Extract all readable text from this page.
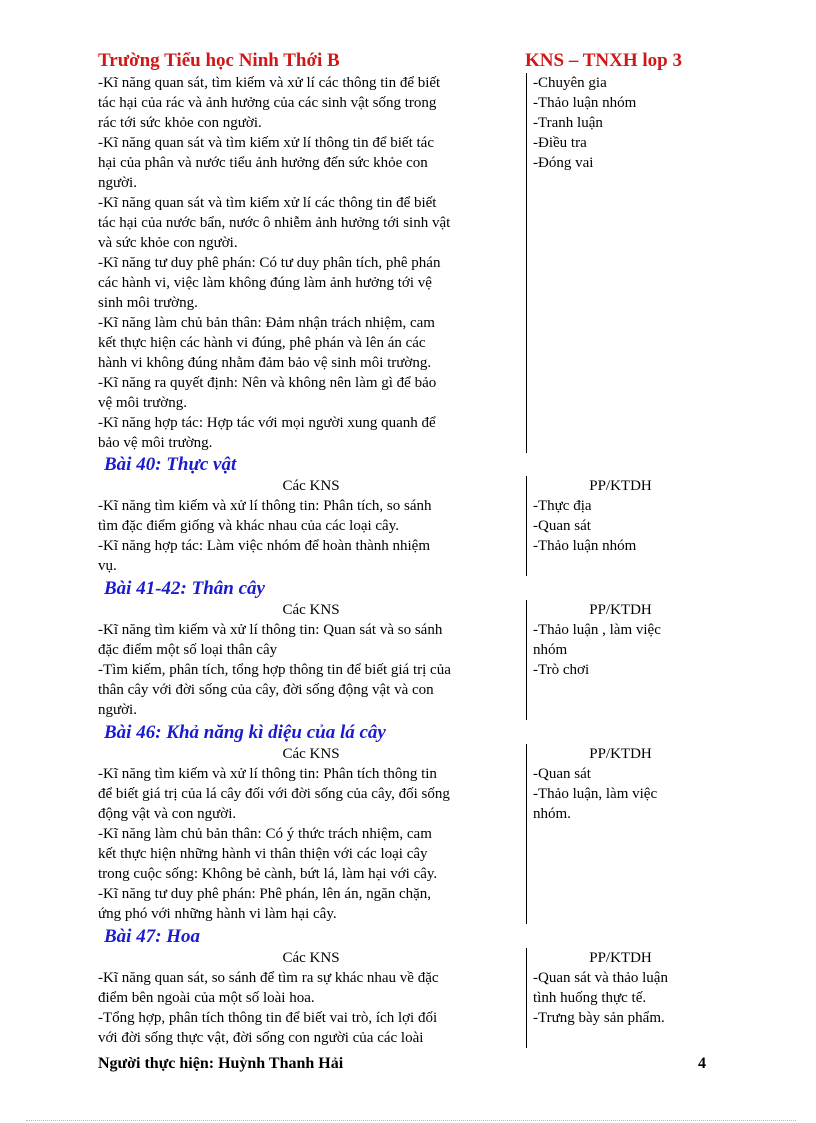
Trường Tiểu học Ninh Thới B	KNS – TNXH lop 3
-Kĩ năng quan sát, tìm kiếm và xử lí các thông tin để biết
tác hại của rác và ảnh hưởng của các sinh vật sống trong
rác tới sức khỏe con người.
-Kĩ năng quan sát và tìm kiếm xử lí thông tin để biết tác
hại của phân và nước tiểu ảnh hưởng đến sức khỏe con
người.
-Kĩ năng quan sát và tìm kiếm xử lí các thông tin để biết
tác hại của nước bẩn, nước ô nhiễm ảnh hưởng tới sinh vật
và sức khỏe con người.
-Kĩ năng tư duy phê phán: Có tư duy phân tích, phê phán
các hành vi, việc làm không đúng làm ảnh hưởng tới vệ
sinh môi trường.
-Kĩ năng làm chủ bản thân: Đảm nhận trách nhiệm, cam
kết thực hiện các hành vi đúng, phê phán và lên án các
hành vi không đúng nhằm đảm bảo vệ sinh môi trường.
-Kĩ năng ra quyết định: Nên và không nên làm gì để bảo
vệ môi trường.
-Kĩ năng hợp tác: Hợp tác với mọi người xung quanh để
bảo vệ môi trường.
-Chuyên gia
-Thảo luận nhóm
-Tranh luận
-Điều tra
-Đóng vai
Bài 40: Thực vật
Các KNS
-Kĩ năng tìm kiếm và xử lí thông tin: Phân tích, so sánh
tìm đặc điểm giống và khác nhau của các loại cây.
-Kĩ năng hợp tác: Làm việc nhóm để hoàn thành nhiệm
vụ.
PP/KTDH
-Thực địa
-Quan sát
-Thảo luận nhóm
Bài 41-42: Thân cây
Các KNS
-Kĩ năng tìm kiếm và xử lí thông tin: Quan sát và so sánh
đặc điểm một số loại thân cây
-Tìm kiếm, phân tích, tổng hợp thông tin để biết giá trị của
thân cây với đời sống của cây, đời sống động vật và con
người.
PP/KTDH
-Thảo luận , làm việc
nhóm
-Trò chơi
Bài 46: Khả năng kì diệu của lá cây
Các KNS
-Kĩ năng tìm kiếm và xử lí thông tin: Phân tích thông tin
để biết giá trị của lá cây đối với đời sống của cây, đối sống
động vật và con người.
-Kĩ năng làm chủ bản thân: Có ý thức trách nhiệm, cam
kết thực hiện những hành vi thân thiện với các loại cây
trong cuộc sống: Không bẻ cành, bứt lá, làm hại với cây.
-Kĩ năng tư duy phê phán: Phê phán, lên án, ngăn chặn,
ứng phó với những hành vi làm hại cây.
PP/KTDH
-Quan sát
-Thảo luận, làm việc
nhóm.
Bài 47: Hoa
Các KNS
-Kĩ năng quan sát, so sánh để tìm ra sự khác nhau về đặc
điểm bên ngoài của một số loài hoa.
-Tổng hợp, phân tích thông tin để biết vai trò, ích lợi đối
với đời sống thực vật, đời sống con người của các loài
PP/KTDH
-Quan sát và thảo luận
tình huống thực tế.
-Trưng bày sản phẩm.
Người thực hiện: Huỳnh Thanh Hải	4
